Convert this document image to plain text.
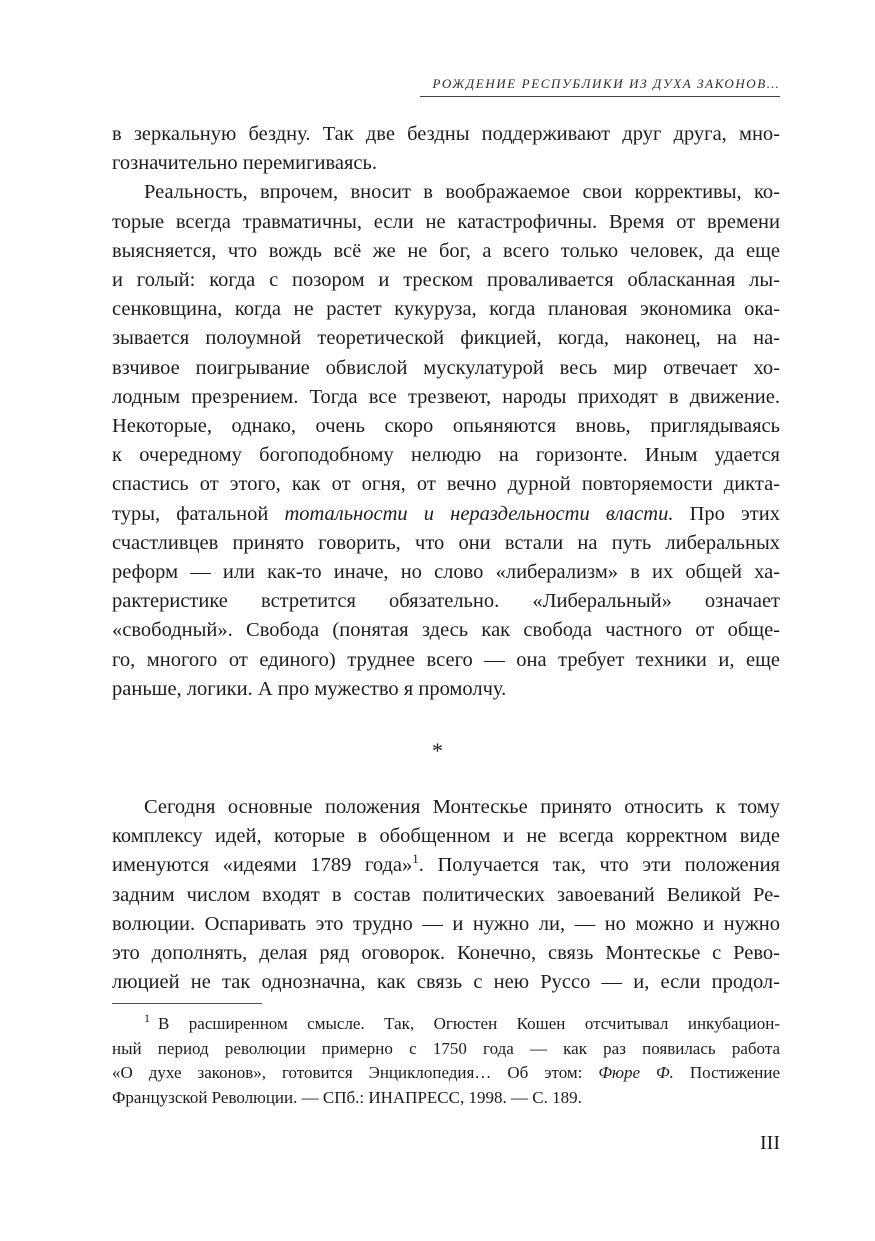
РОЖДЕНИЕ РЕСПУБЛИКИ ИЗ ДУХА ЗАКОНОВ…
в зеркальную бездну. Так две бездны поддерживают друг друга, мно-
гозначительно перемигиваясь.
Реальность, впрочем, вносит в воображаемое свои коррективы, ко-
торые всегда травматичны, если не катастрофичны. Время от времени
выясняется, что вождь всё же не бог, а всего только человек, да еще
и голый: когда с позором и треском проваливается обласканная лы-
сенковщина, когда не растет кукуруза, когда плановая экономика ока-
зывается полоумной теоретической фикцией, когда, наконец, на на-
взчивое поигрывание обвислой мускулатурой весь мир отвечает хо-
лодным презрением. Тогда все трезвеют, народы приходят в движение.
Некоторые, однако, очень скоро опьяняются вновь, приглядываясь
к очередному богоподобному нелюдю на горизонте. Иным удается
спастись от этого, как от огня, от вечно дурной повторяемости дикта-
туры, фатальной тотальности и нераздельности власти. Про этих
счастливцев принято говорить, что они встали на путь либеральных
реформ — или как-то иначе, но слово «либерализм» в их общей ха-
рактеристике встретится обязательно. «Либеральный» означает
«свободный». Свобода (понятая здесь как свобода частного от обще-
го, многого от единого) труднее всего — она требует техники и, еще
раньше, логики. А про мужество я промолчу.
*
Сегодня основные положения Монтескье принято относить к тому
комплексу идей, которые в обобщенном и не всегда корректном виде
именуются «идеями 1789 года»$^1$. Получается так, что эти положения
задним числом входят в состав политических завоеваний Великой Ре-
волюции. Оспаривать это трудно — и нужно ли, — но можно и нужно
это дополнять, делая ряд оговорок. Конечно, связь Монтескье с Рево-
люцией не так однозначна, как связь с нею Руссо — и, если продол-
$^1$ В расширенном смысле. Так, Огюстен Кошен отсчитывал инкубацион-
ный период революции примерно с 1750 года — как раз появилась работа
«О духе законов», готовится Энциклопедия… Об этом: Фюре Ф. Постижение
Французской Революции. — СПб.: ИНАПРЕСС, 1998. — С. 189.
III
